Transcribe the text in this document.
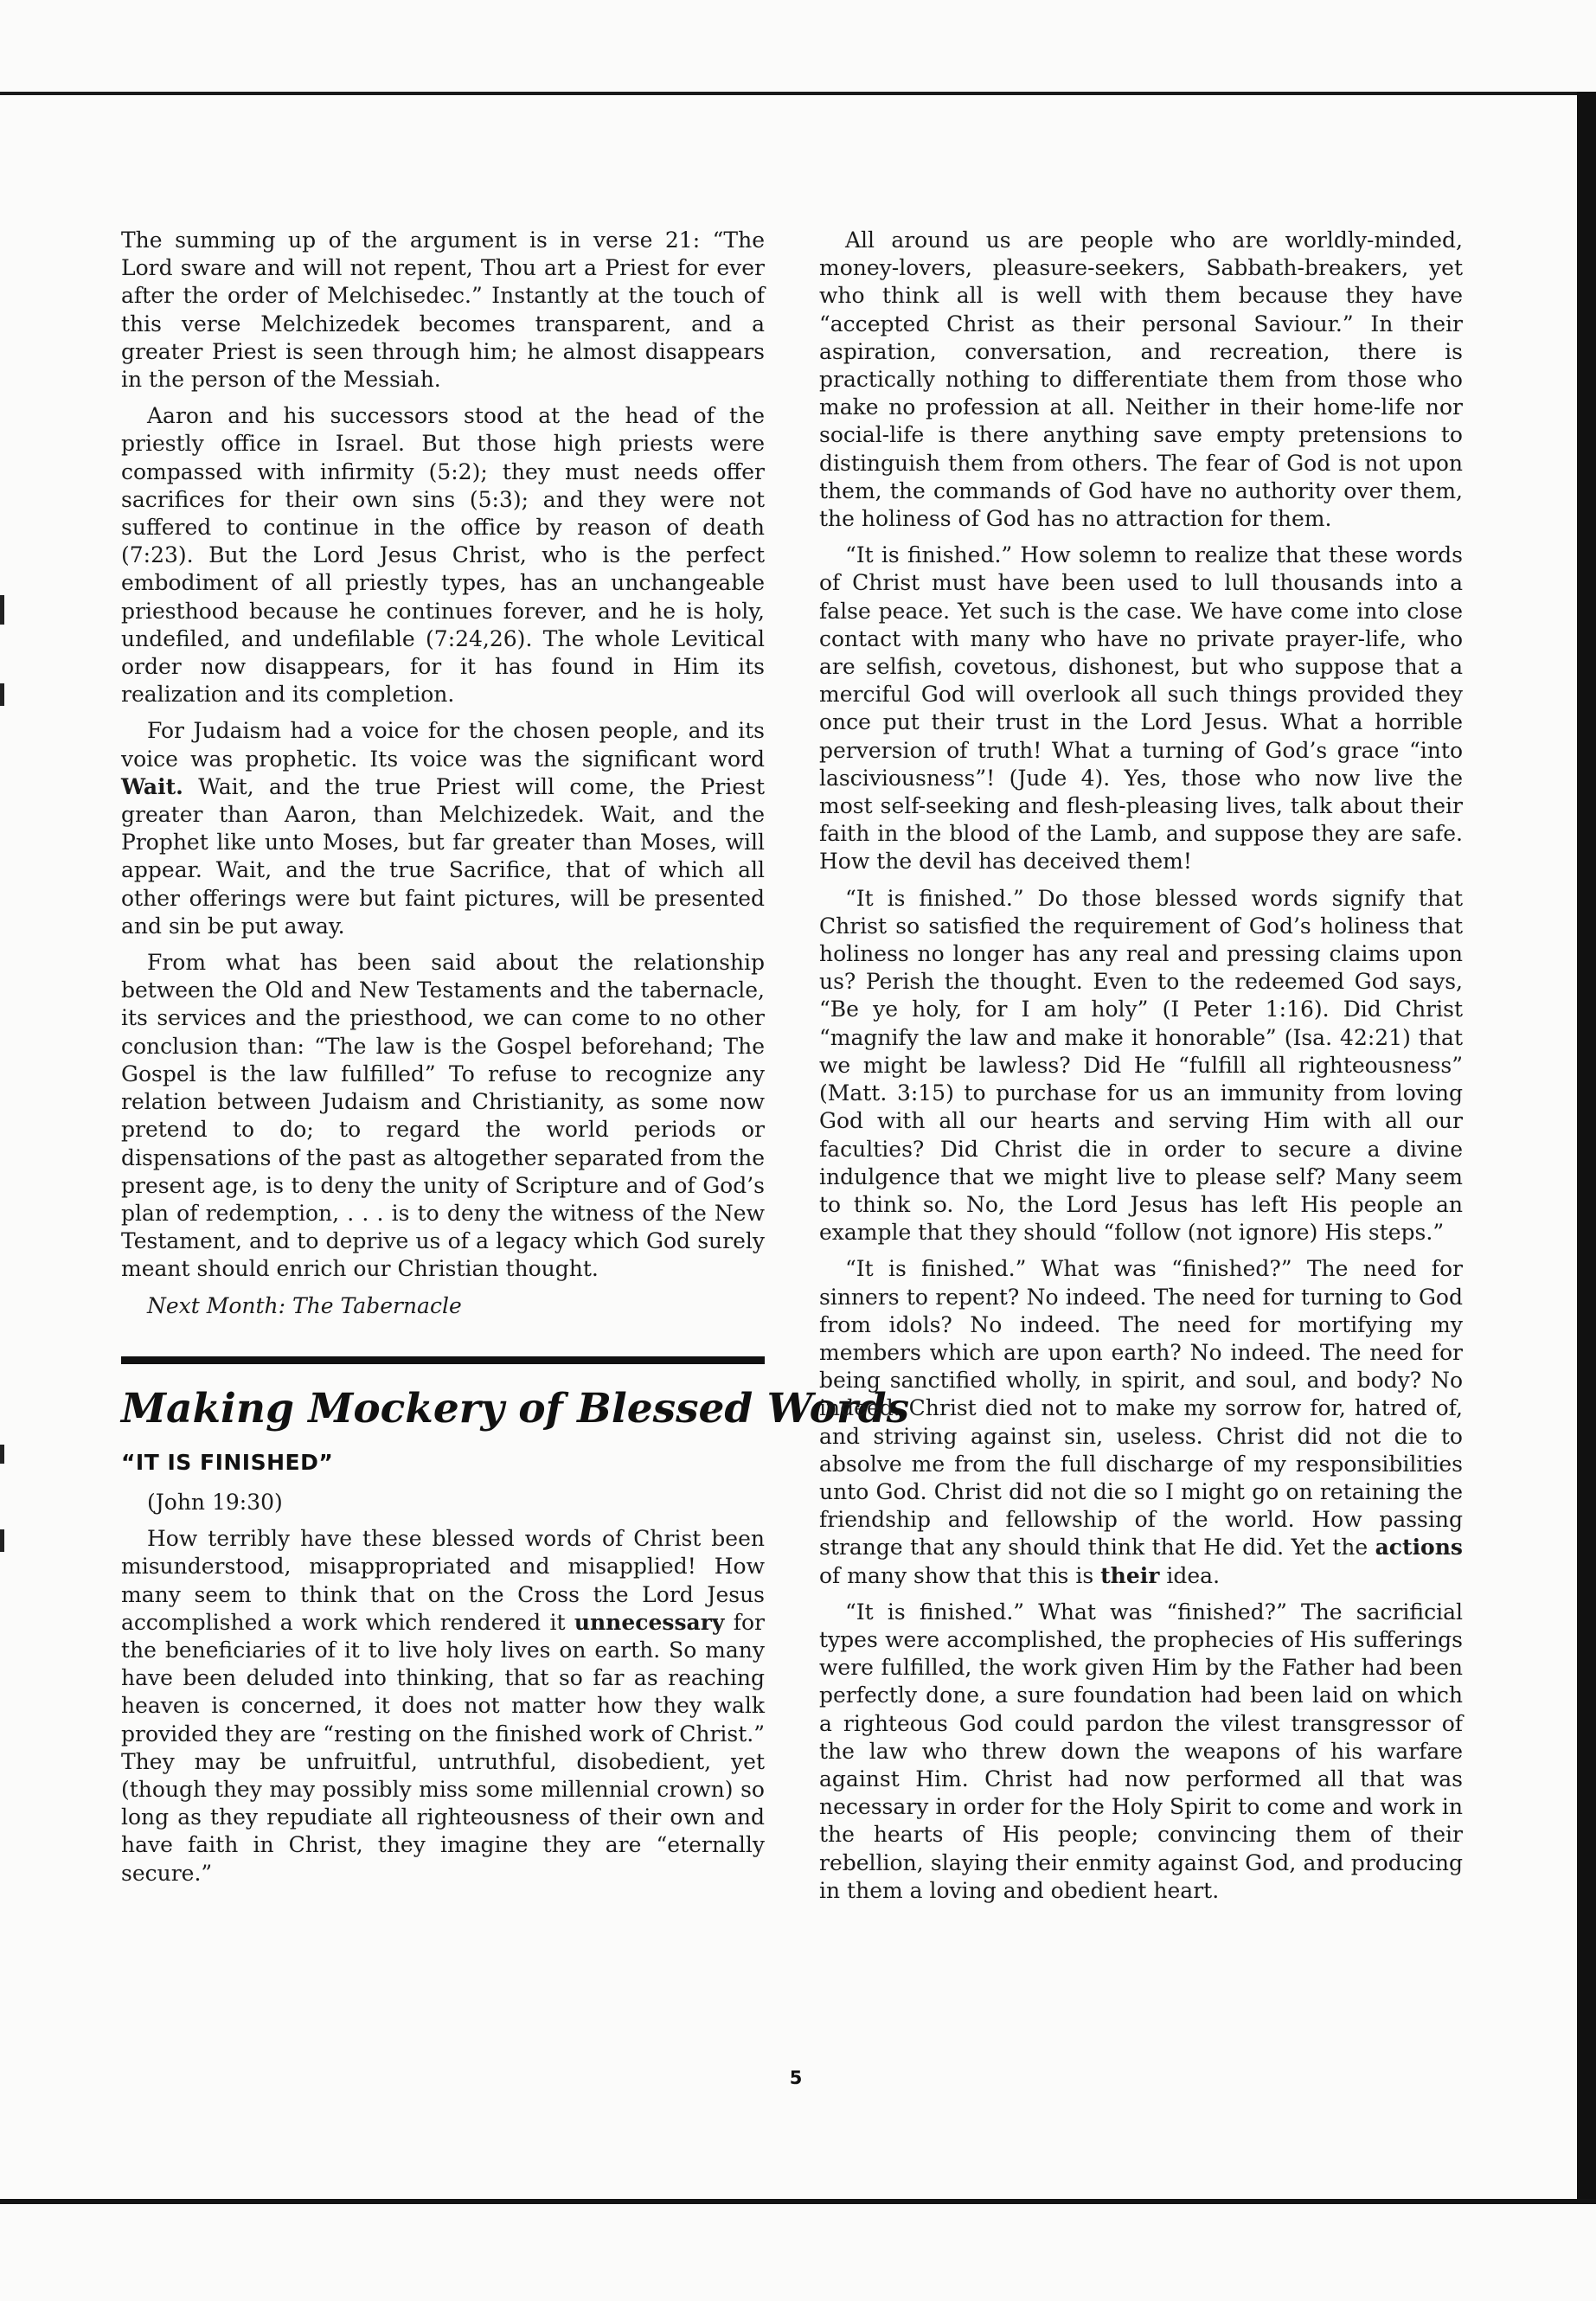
The summing up of the argument is in verse 21: “The Lord sware and will not repent, Thou art a Priest for ever after the order of Melchisedec.” Instantly at the touch of this verse Melchizedek becomes transparent, and a greater Priest is seen through him; he almost disappears in the person of the Messiah.

Aaron and his successors stood at the head of the priestly office in Israel. But those high priests were compassed with infirmity (5:2); they must needs offer sacrifices for their own sins (5:3); and they were not suffered to continue in the office by reason of death (7:23). But the Lord Jesus Christ, who is the perfect embodiment of all priestly types, has an unchangeable priesthood because he continues forever, and he is holy, undefiled, and undefilable (7:24,26). The whole Levitical order now disappears, for it has found in Him its realization and its completion.

For Judaism had a voice for the chosen people, and its voice was prophetic. Its voice was the significant word Wait. Wait, and the true Priest will come, the Priest greater than Aaron, than Melchizedek. Wait, and the Prophet like unto Moses, but far greater than Moses, will appear. Wait, and the true Sacrifice, that of which all other offerings were but faint pictures, will be presented and sin be put away.

From what has been said about the relationship between the Old and New Testaments and the tabernacle, its services and the priesthood, we can come to no other conclusion than: “The law is the Gospel beforehand; The Gospel is the law fulfilled” To refuse to recognize any relation between Judaism and Christianity, as some now pretend to do; to regard the world periods or dispensations of the past as altogether separated from the present age, is to deny the unity of Scripture and of God’s plan of redemption, . . . is to deny the witness of the New Testament, and to deprive us of a legacy which God surely meant should enrich our Christian thought.

Next Month: The Tabernacle

Making Mockery of Blessed Words
“IT IS FINISHED”

(John 19:30)

How terribly have these blessed words of Christ been misunderstood, misappropriated and misapplied! How many seem to think that on the Cross the Lord Jesus accomplished a work which rendered it unnecessary for the beneficiaries of it to live holy lives on earth. So many have been deluded into thinking, that so far as reaching heaven is concerned, it does not matter how they walk provided they are “resting on the finished work of Christ.” They may be unfruitful, untruthful, disobedient, yet (though they may possibly miss some millennial crown) so long as they repudiate all righteousness of their own and have faith in Christ, they imagine they are “eternally secure.”

All around us are people who are worldly-minded, money-lovers, pleasure-seekers, Sabbath-breakers, yet who think all is well with them because they have “accepted Christ as their personal Saviour.” In their aspiration, conversation, and recreation, there is practically nothing to differentiate them from those who make no profession at all. Neither in their home-life nor social-life is there anything save empty pretensions to distinguish them from others. The fear of God is not upon them, the commands of God have no authority over them, the holiness of God has no attraction for them.

“It is finished.” How solemn to realize that these words of Christ must have been used to lull thousands into a false peace. Yet such is the case. We have come into close contact with many who have no private prayer-life, who are selfish, covetous, dishonest, but who suppose that a merciful God will overlook all such things provided they once put their trust in the Lord Jesus. What a horrible perversion of truth! What a turning of God’s grace “into lasciviousness”! (Jude 4). Yes, those who now live the most self-seeking and flesh-pleasing lives, talk about their faith in the blood of the Lamb, and suppose they are safe. How the devil has deceived them!

“It is finished.” Do those blessed words signify that Christ so satisfied the requirement of God’s holiness that holiness no longer has any real and pressing claims upon us? Perish the thought. Even to the redeemed God says, “Be ye holy, for I am holy” (I Peter 1:16). Did Christ “magnify the law and make it honorable” (Isa. 42:21) that we might be lawless? Did He “fulfill all righteousness” (Matt. 3:15) to purchase for us an immunity from loving God with all our hearts and serving Him with all our faculties? Did Christ die in order to secure a divine indulgence that we might live to please self? Many seem to think so. No, the Lord Jesus has left His people an example that they should “follow (not ignore) His steps.”

“It is finished.” What was “finished?” The need for sinners to repent? No indeed. The need for turning to God from idols? No indeed. The need for mortifying my members which are upon earth? No indeed. The need for being sanctified wholly, in spirit, and soul, and body? No indeed. Christ died not to make my sorrow for, hatred of, and striving against sin, useless. Christ did not die to absolve me from the full discharge of my responsibilities unto God. Christ did not die so I might go on retaining the friendship and fellowship of the world. How passing strange that any should think that He did. Yet the actions of many show that this is their idea.

“It is finished.” What was “finished?” The sacrificial types were accomplished, the prophecies of His sufferings were fulfilled, the work given Him by the Father had been perfectly done, a sure foundation had been laid on which a righteous God could pardon the vilest transgressor of the law who threw down the weapons of his warfare against Him. Christ had now performed all that was necessary in order for the Holy Spirit to come and work in the hearts of His people; convincing them of their rebellion, slaying their enmity against God, and producing in them a loving and obedient heart.

5
